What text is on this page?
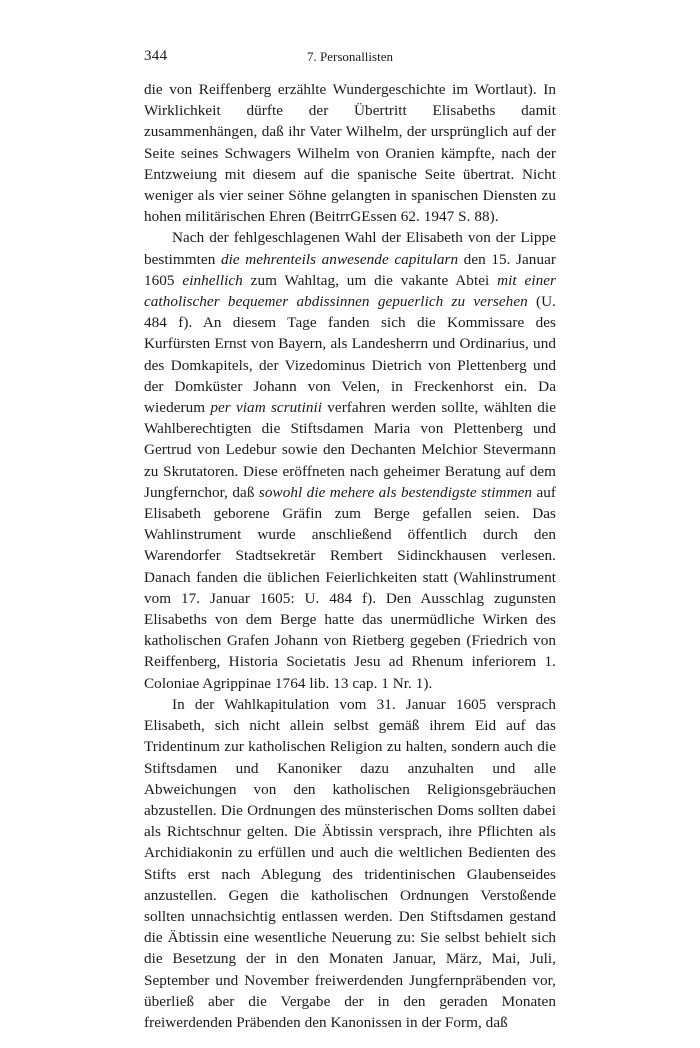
344	7. Personallisten

die von Reiffenberg erzählte Wundergeschichte im Wortlaut). In Wirklichkeit dürfte der Übertritt Elisabeths damit zusammenhängen, daß ihr Vater Wilhelm, der ursprünglich auf der Seite seines Schwagers Wilhelm von Oranien kämpfte, nach der Entzweiung mit diesem auf die spanische Seite übertrat. Nicht weniger als vier seiner Söhne gelangten in spanischen Diensten zu hohen militärischen Ehren (BeitrrGEssen 62. 1947 S. 88).

Nach der fehlgeschlagenen Wahl der Elisabeth von der Lippe bestimmten die mehrenteils anwesende capitularn den 15. Januar 1605 einhellich zum Wahltag, um die vakante Abtei mit einer catholischer bequemer abdissinnen gepuerlich zu versehen (U. 484 f). An diesem Tage fanden sich die Kommissare des Kurfürsten Ernst von Bayern, als Landesherrn und Ordinarius, und des Domkapitels, der Vizedominus Dietrich von Plettenberg und der Domküster Johann von Velen, in Freckenhorst ein. Da wiederum per viam scrutinii verfahren werden sollte, wählten die Wahlberechtigten die Stiftsdamen Maria von Plettenberg und Gertrud von Ledebur sowie den Dechanten Melchior Stevermann zu Skrutatoren. Diese eröffneten nach geheimer Beratung auf dem Jungfernchor, daß sowohl die mehere als bestendigste stimmen auf Elisabeth geborene Gräfin zum Berge gefallen seien. Das Wahlinstrument wurde anschließend öffentlich durch den Warendorfer Stadtsekretär Rembert Sidinckhausen verlesen. Danach fanden die üblichen Feierlichkeiten statt (Wahlinstrument vom 17. Januar 1605: U. 484 f). Den Ausschlag zugunsten Elisabeths von dem Berge hatte das unermüdliche Wirken des katholischen Grafen Johann von Rietberg gegeben (Friedrich von Reiffenberg, Historia Societatis Jesu ad Rhenum inferiorem 1. Coloniae Agrippinae 1764 lib. 13 cap. 1 Nr. 1).

In der Wahlkapitulation vom 31. Januar 1605 versprach Elisabeth, sich nicht allein selbst gemäß ihrem Eid auf das Tridentinum zur katholischen Religion zu halten, sondern auch die Stiftsdamen und Kanoniker dazu anzuhalten und alle Abweichungen von den katholischen Religionsgebräuchen abzustellen. Die Ordnungen des münsterischen Doms sollten dabei als Richtschnur gelten. Die Äbtissin versprach, ihre Pflichten als Archidiakonin zu erfüllen und auch die weltlichen Bedienten des Stifts erst nach Ablegung des tridentinischen Glaubenseides anzustellen. Gegen die katholischen Ordnungen Verstoßende sollten unnachsichtig entlassen werden. Den Stiftsdamen gestand die Äbtissin eine wesentliche Neuerung zu: Sie selbst behielt sich die Besetzung der in den Monaten Januar, März, Mai, Juli, September und November freiwerdenden Jungfernpräbenden vor, überließ aber die Vergabe der in den geraden Monaten freiwerdenden Präbenden den Kanonissen in der Form, daß
